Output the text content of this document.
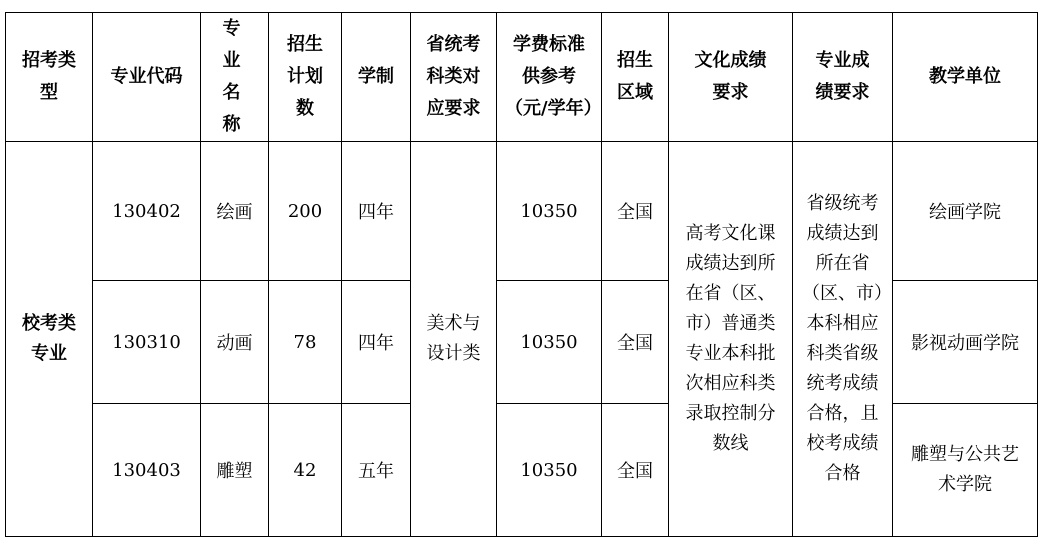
招考类型	专业代码	专业名称	招生计划数	学制	省统考科类对应要求	学费标准供参考（元/学年）	招生区域	文化成绩要求	专业成绩要求	教学单位
校考类专业	130402	绘画	200	四年	美术与设计类	10350	全国	高考文化课成绩达到所在省（区、市）普通类专业本科批次相应科类录取控制分数线	省级统考成绩达到所在省（区、市）本科相应科类省级统考成绩合格，且校考成绩合格	绘画学院
	130310	动画	78	四年		10350	全国			影视动画学院
	130403	雕塑	42	五年		10350	全国			雕塑与公共艺术学院
